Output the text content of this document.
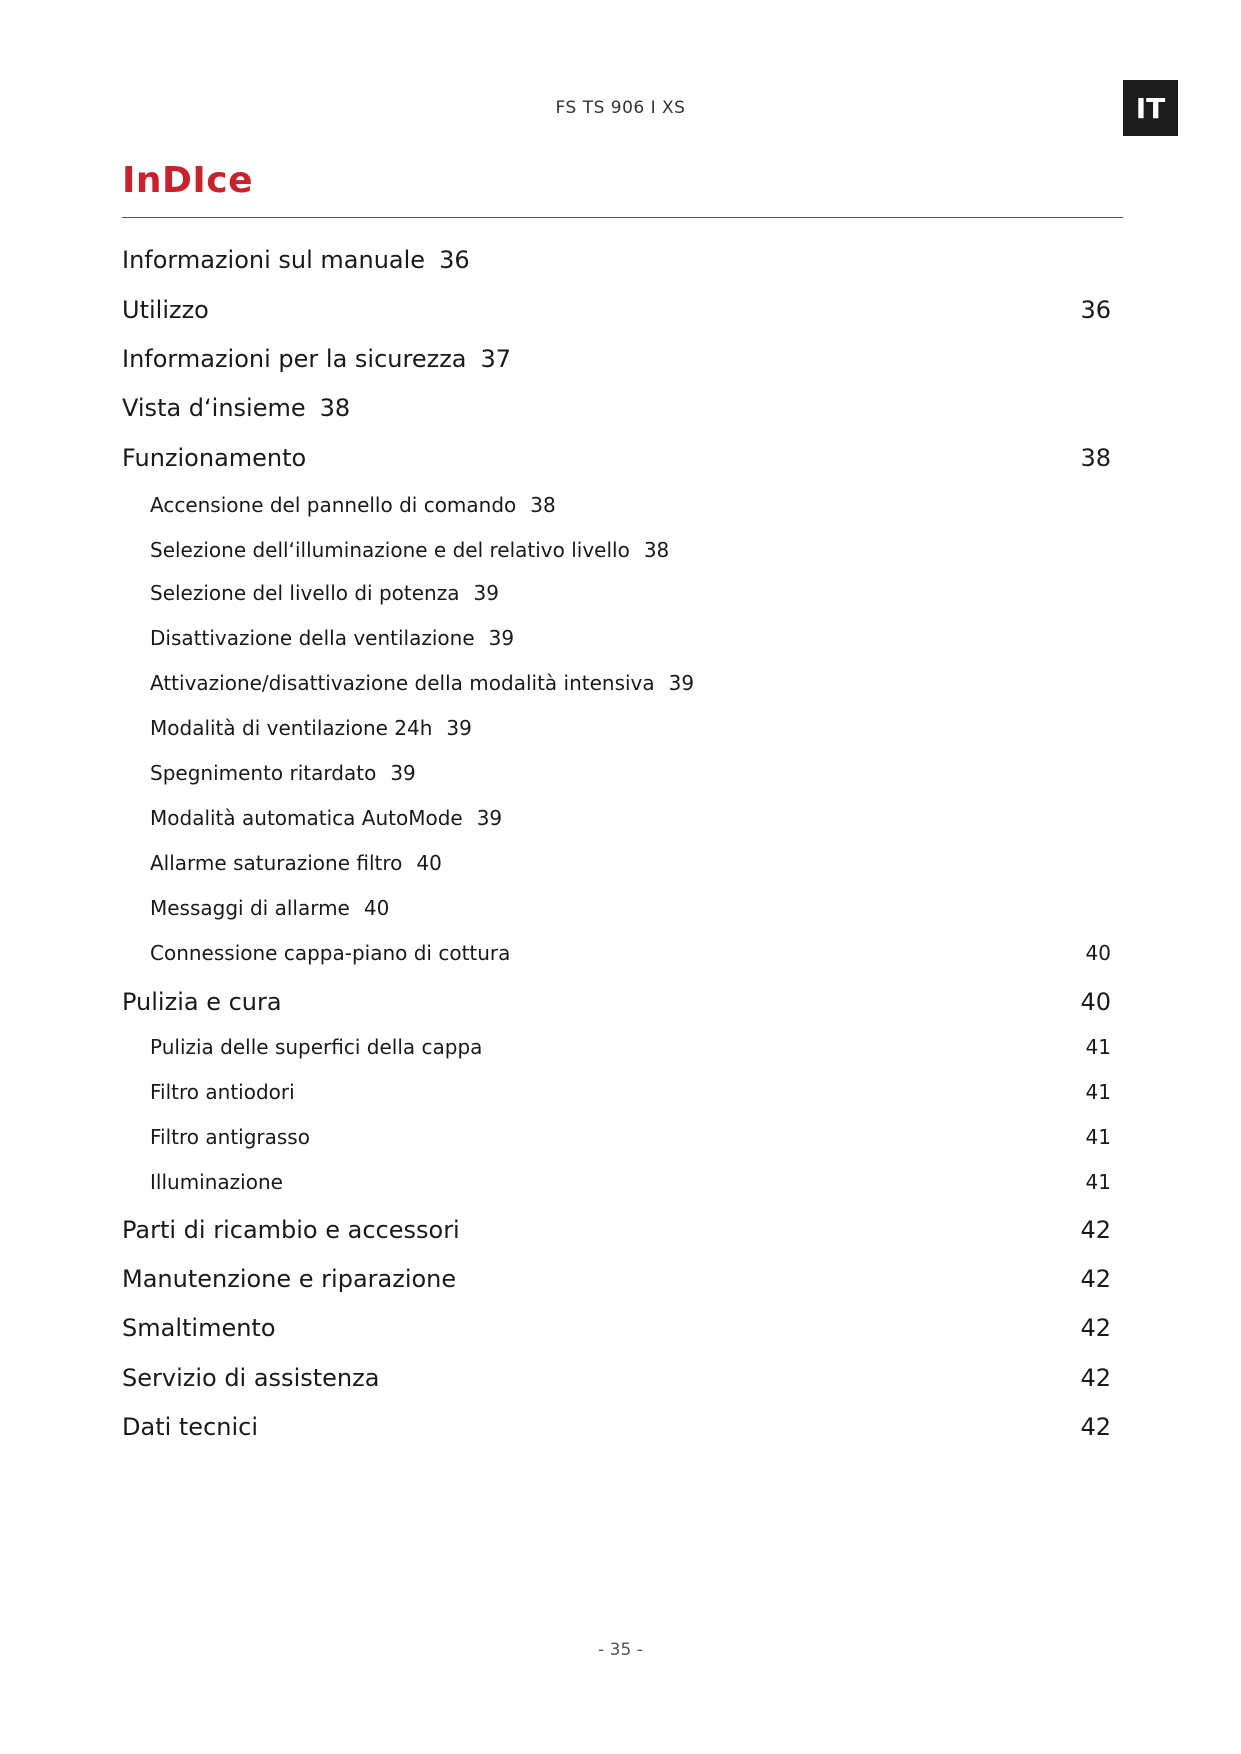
FS TS 906 I XS	IT
InDIce
Informazioni sul manuale 36
Utilizzo	36
Informazioni per la sicurezza 37
Vista d‘insieme 38
Funzionamento	38
Accensione del pannello di comando 38
Selezione dell‘illuminazione e del relativo livello 38
Selezione del livello di potenza 39
Disattivazione della ventilazione 39
Attivazione/disattivazione della modalità intensiva 39
Modalità di ventilazione 24h 39
Spegnimento ritardato 39
Modalità automatica AutoMode 39
Allarme saturazione filtro 40
Messaggi di allarme 40
Connessione cappa-piano di cottura	40
Pulizia e cura	40
Pulizia delle superfici della cappa	41
Filtro antiodori	41
Filtro antigrasso	41
Illuminazione	41
Parti di ricambio e accessori	42
Manutenzione e riparazione	42
Smaltimento	42
Servizio di assistenza	42
Dati tecnici	42
- 35 -
